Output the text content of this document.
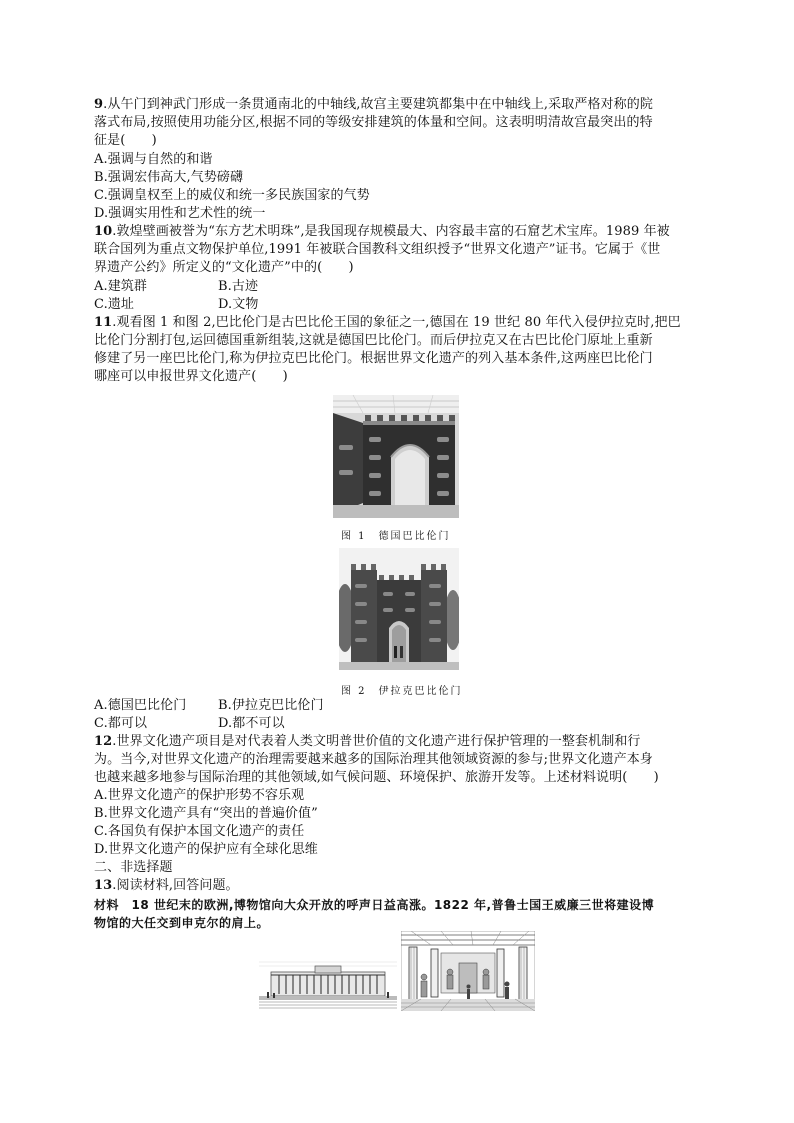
9.从午门到神武门形成一条贯通南北的中轴线,故宫主要建筑都集中在中轴线上,采取严格对称的院
落式布局,按照使用功能分区,根据不同的等级安排建筑的体量和空间。这表明明清故宫最突出的特
征是(　　)
A.强调与自然的和谐
B.强调宏伟高大,气势磅礴
C.强调皇权至上的威仪和统一多民族国家的气势
D.强调实用性和艺术性的统一
10.敦煌壁画被誉为“东方艺术明珠”,是我国现存规模最大、内容最丰富的石窟艺术宝库。1989 年被
联合国列为重点文物保护单位,1991 年被联合国教科文组织授予“世界文化遗产”证书。它属于《世
界遗产公约》所定义的“文化遗产”中的(　　)
A.建筑群	B.古迹
C.遗址	D.文物
11.观看图 1 和图 2,巴比伦门是古巴比伦王国的象征之一,德国在 19 世纪 80 年代入侵伊拉克时,把巴
比伦门分割打包,运回德国重新组装,这就是德国巴比伦门。而后伊拉克又在古巴比伦门原址上重新
修建了另一座巴比伦门,称为伊拉克巴比伦门。根据世界文化遗产的列入基本条件,这两座巴比伦门
哪座可以申报世界文化遗产(　　)
图 1　德国巴比伦门
图 2　伊拉克巴比伦门
A.德国巴比伦门 B.伊拉克巴比伦门
C.都可以	D.都不可以
12.世界文化遗产项目是对代表着人类文明普世价值的文化遗产进行保护管理的一整套机制和行
为。当今,对世界文化遗产的治理需要越来越多的国际治理其他领域资源的参与;世界文化遗产本身
也越来越多地参与国际治理的其他领域,如气候问题、环境保护、旅游开发等。上述材料说明(　　)
A.世界文化遗产的保护形势不容乐观
B.世界文化遗产具有“突出的普遍价值”
C.各国负有保护本国文化遗产的责任
D.世界文化遗产的保护应有全球化思维
二、非选择题
13.阅读材料,回答问题。
材料　18 世纪末的欧洲,博物馆向大众开放的呼声日益高涨。1822 年,普鲁士国王威廉三世将建设博
物馆的大任交到申克尔的肩上。
